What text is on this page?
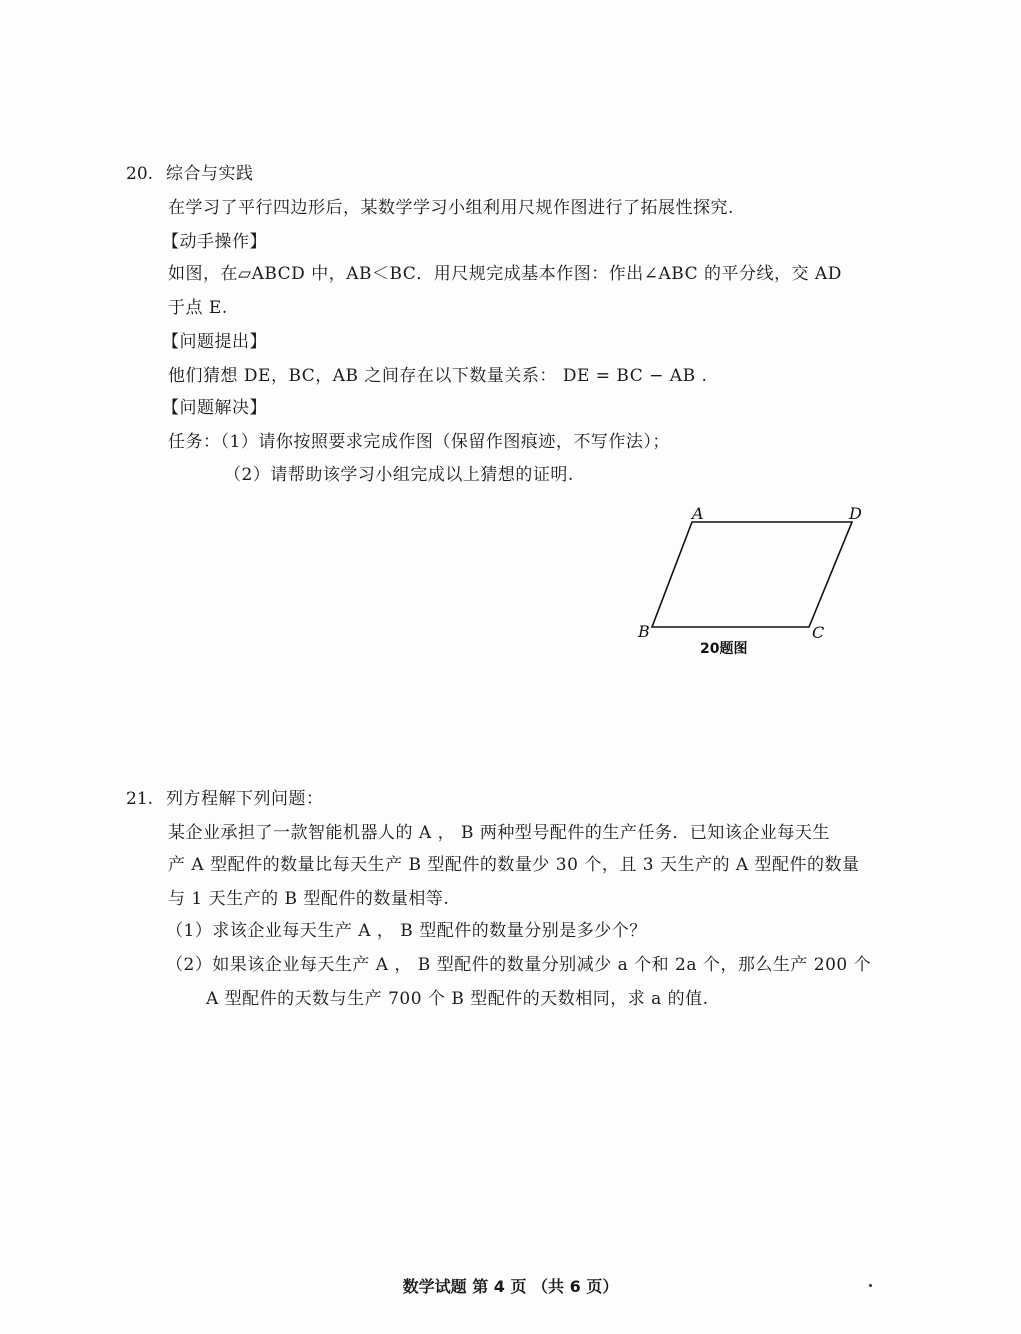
20. 综合与实践
在学习了平行四边形后，某数学学习小组利用尺规作图进行了拓展性探究.
【动手操作】
如图，在▱ABCD 中，AB＜BC．用尺规完成基本作图：作出∠ABC 的平分线，交 AD
于点 E.
【问题提出】
他们猜想 DE，BC，AB 之间存在以下数量关系： DE = BC − AB .
【问题解决】
任务：（1）请你按照要求完成作图（保留作图痕迹，不写作法）；
（2）请帮助该学习小组完成以上猜想的证明.
A	D
B	C
20题图
21. 列方程解下列问题：
某企业承担了一款智能机器人的 A ， B 两种型号配件的生产任务．已知该企业每天生
产 A 型配件的数量比每天生产 B 型配件的数量少 30 个，且 3 天生产的 A 型配件的数量
与 1 天生产的 B 型配件的数量相等.
（1）求该企业每天生产 A ， B 型配件的数量分别是多少个？
（2）如果该企业每天生产 A ， B 型配件的数量分别减少 a 个和 2a 个，那么生产 200 个
A 型配件的天数与生产 700 个 B 型配件的天数相同，求 a 的值.
数学试题 第 4 页 （共 6 页）
